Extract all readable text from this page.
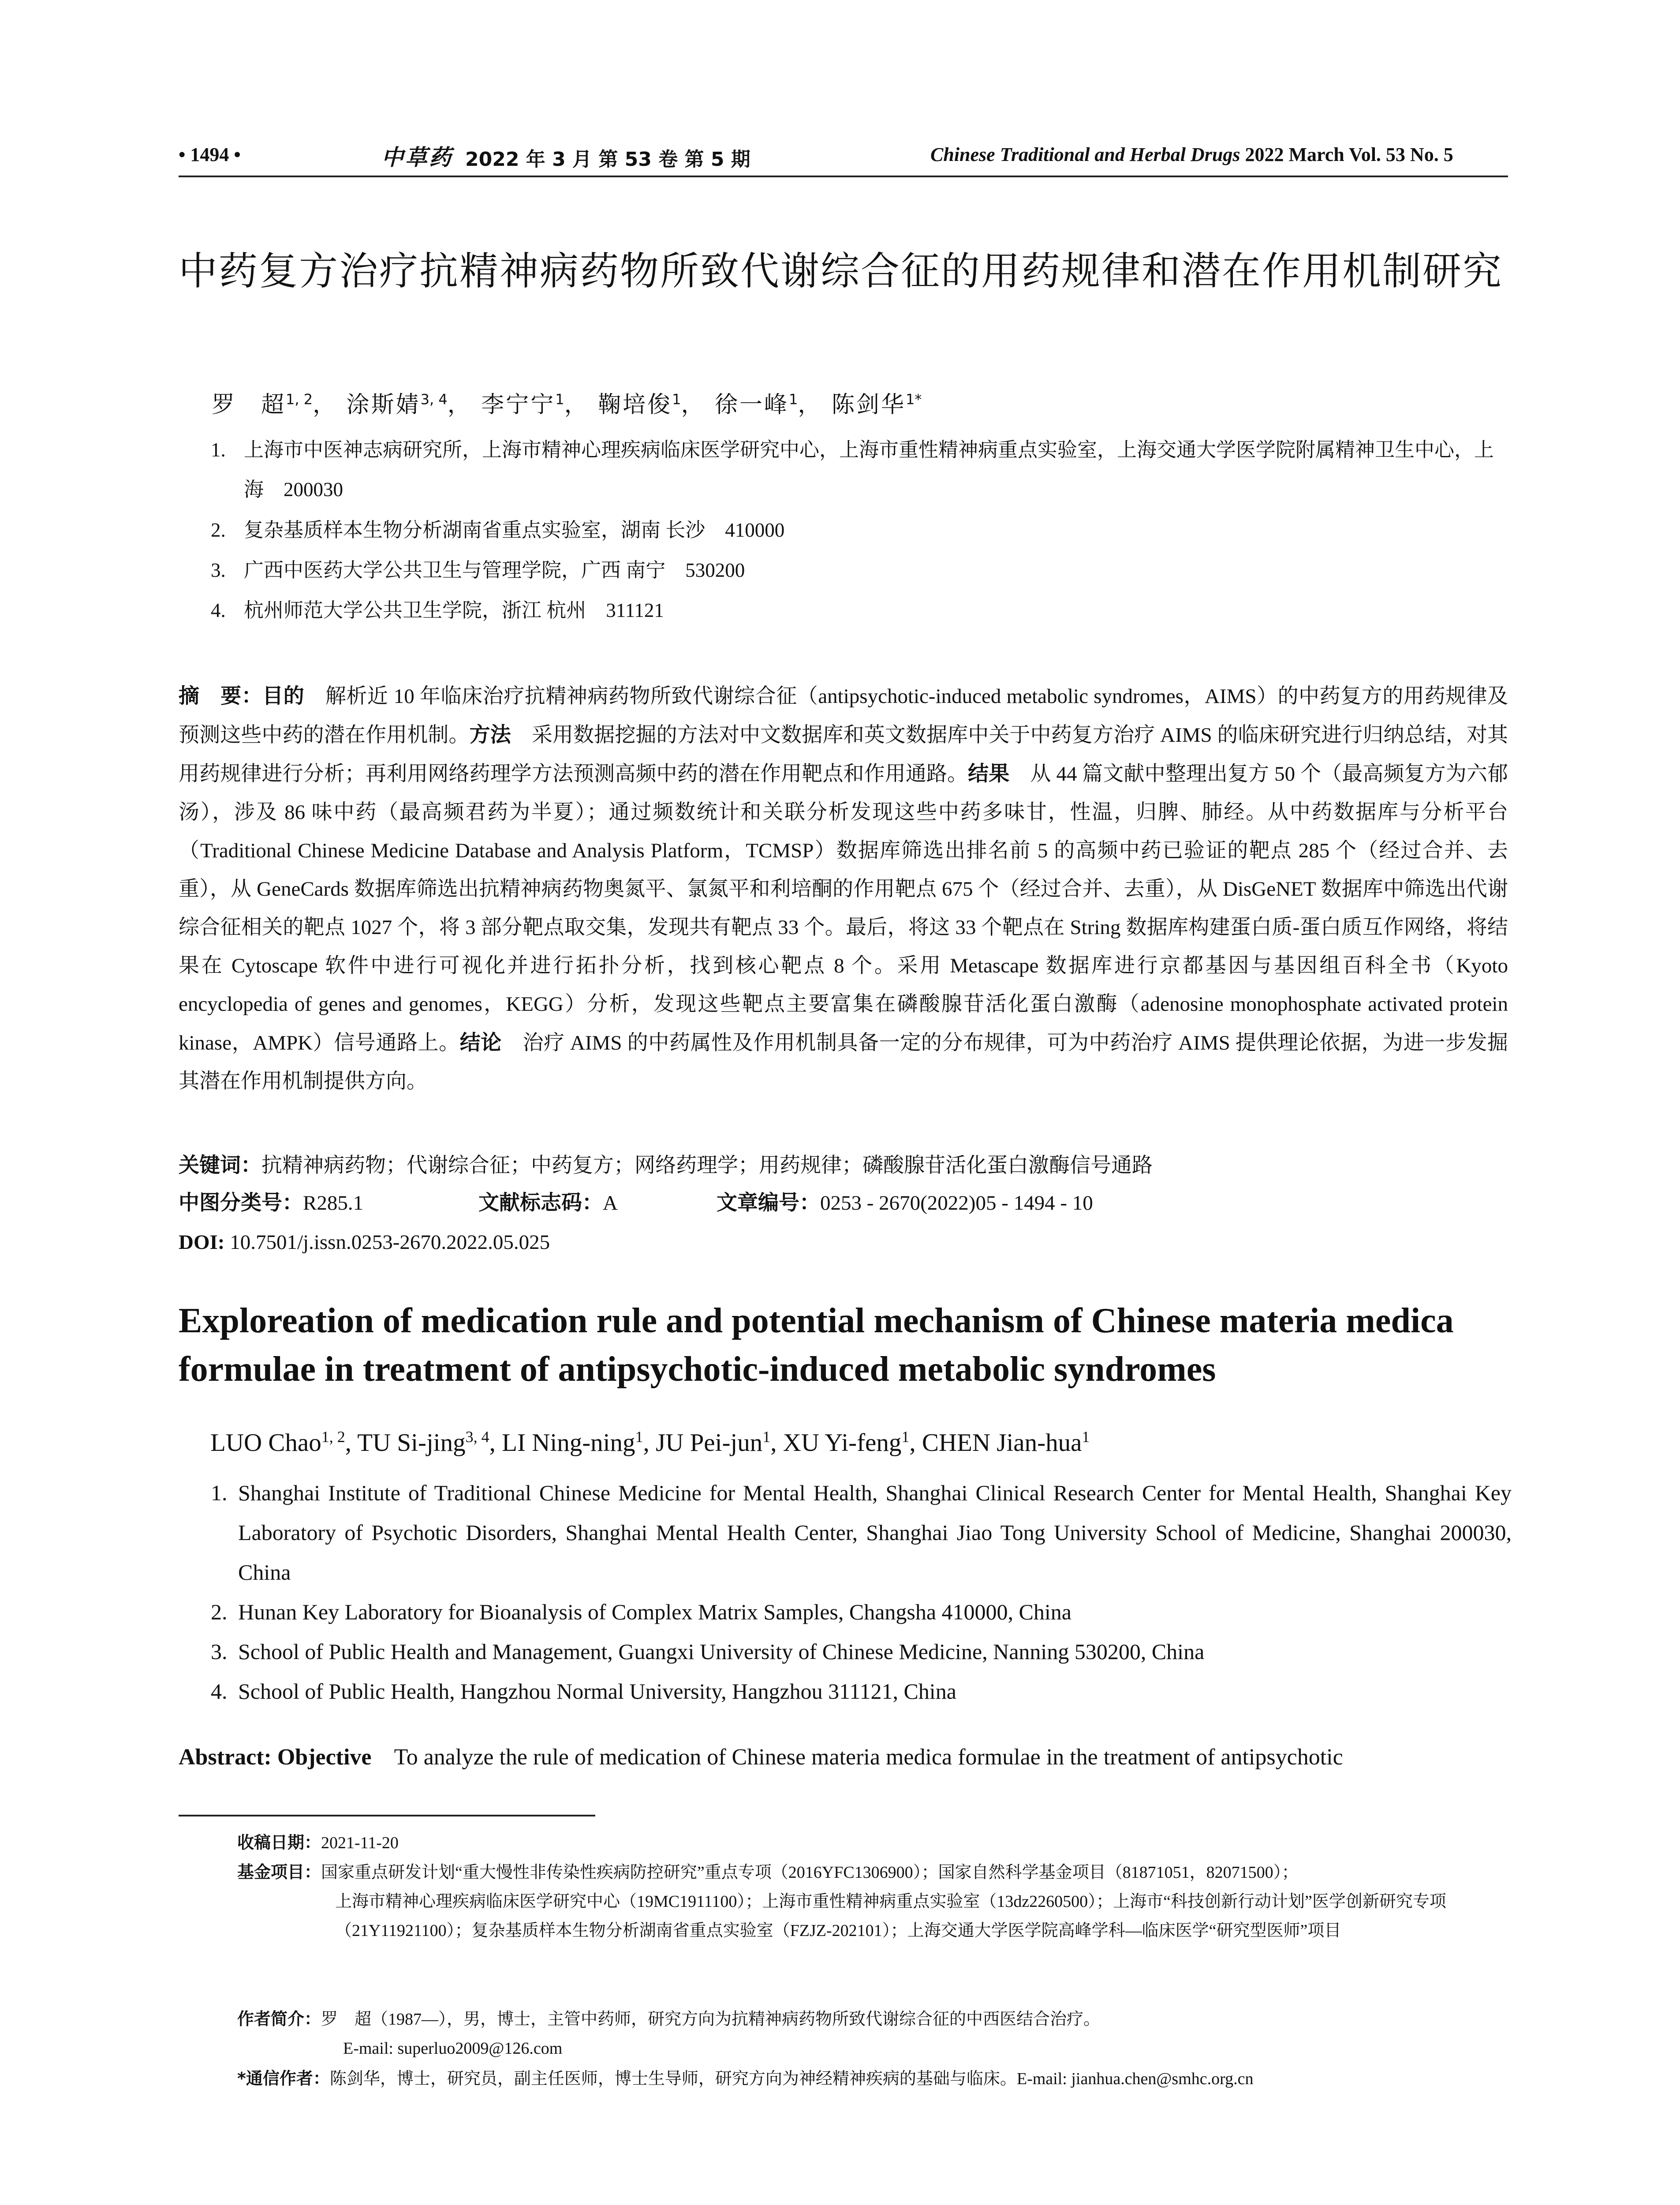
• 1494 •	中草药 2022 年 3 月 第 53 卷 第 5 期	Chinese Traditional and Herbal Drugs 2022 March Vol. 53 No. 5
中药复方治疗抗精神病药物所致代谢综合征的用药规律和潜在作用机制研究
罗　超$^{1, 2}$， 涂斯婧$^{3, 4}$， 李宁宁$^1$， 鞠培俊$^1$， 徐一峰$^1$， 陈剑华$^{1*}$
1. 上海市中医神志病研究所，上海市精神心理疾病临床医学研究中心，上海市重性精神病重点实验室，上海交通大学医学院附属精神卫生中心，上海　200030
2. 复杂基质样本生物分析湖南省重点实验室，湖南 长沙　410000
3. 广西中医药大学公共卫生与管理学院，广西 南宁　530200
4. 杭州师范大学公共卫生学院，浙江 杭州　311121
摘　要：目的　 解析近 10 年临床治疗抗精神病药物所致代谢综合征（antipsychotic-induced metabolic syndromes，AIMS）的中药复方的用药规律及预测这些中药的潜在作用机制。方法　 采用数据挖掘的方法对中文数据库和英文数据库中关于中药复方治疗 AIMS 的临床研究进行归纳总结，对其用药规律进行分析；再利用网络药理学方法预测高频中药的潜在作用靶点和作用通路。结果　 从 44 篇文献中整理出复方 50 个（最高频复方为六郁汤），涉及 86 味中药（最高频君药为半夏）；通过频数统计和关联分析发现这些中药多味甘，性温，归脾、肺经。从中药数据库与分析平台（Traditional Chinese Medicine Database and Analysis Platform，TCMSP）数据库筛选出排名前 5 的高频中药已验证的靶点 285 个（经过合并、去重），从 GeneCards 数据库筛选出抗精神病药物奥氮平、氯氮平和利培酮的作用靶点 675 个（经过合并、去重），从 DisGeNET 数据库中筛选出代谢综合征相关的靶点 1027 个，将 3 部分靶点取交集，发现共有靶点 33 个。最后，将这 33 个靶点在 String 数据库构建蛋白质-蛋白质互作网络，将结果在 Cytoscape 软件中进行可视化并进行拓扑分析，找到核心靶点 8 个。采用 Metascape 数据库进行京都基因与基因组百科全书（Kyoto encyclopedia of genes and genomes，KEGG）分析，发现这些靶点主要富集在磷酸腺苷活化蛋白激酶（adenosine monophosphate activated protein kinase，AMPK）信号通路上。结论　 治疗 AIMS 的中药属性及作用机制具备一定的分布规律，可为中药治疗 AIMS 提供理论依据，为进一步发掘其潜在作用机制提供方向。
关键词：抗精神病药物；代谢综合征；中药复方；网络药理学；用药规律；磷酸腺苷活化蛋白激酶信号通路
中图分类号：R285.1	文献标志码：A	文章编号：0253 - 2670(2022)05 - 1494 - 10
DOI: 10.7501/j.issn.0253-2670.2022.05.025
Exploreation of medication rule and potential mechanism of Chinese materia medica formulae in treatment of antipsychotic-induced metabolic syndromes
LUO Chao$^{1, 2}$, TU Si-jing$^{3, 4}$, LI Ning-ning$^1$, JU Pei-jun$^1$, XU Yi-feng$^1$, CHEN Jian-hua$^1$
1. Shanghai Institute of Traditional Chinese Medicine for Mental Health, Shanghai Clinical Research Center for Mental Health, Shanghai Key Laboratory of Psychotic Disorders, Shanghai Mental Health Center, Shanghai Jiao Tong University School of Medicine, Shanghai 200030, China
2. Hunan Key Laboratory for Bioanalysis of Complex Matrix Samples, Changsha 410000, China
3. School of Public Health and Management, Guangxi University of Chinese Medicine, Nanning 530200, China
4. School of Public Health, Hangzhou Normal University, Hangzhou 311121, China
Abstract: Objective To analyze the rule of medication of Chinese materia medica formulae in the treatment of antipsychotic
收稿日期：2021-11-20
基金项目：国家重点研发计划“重大慢性非传染性疾病防控研究”重点专项（2016YFC1306900）；国家自然科学基金项目（81871051，82071500）；
上海市精神心理疾病临床医学研究中心（19MC1911100）；上海市重性精神病重点实验室（13dz2260500）；上海市“科技创新行动计划”医学创新研究专项（21Y11921100）；复杂基质样本生物分析湖南省重点实验室（FZJZ-202101）；上海交通大学医学院高峰学科—临床医学“研究型医师”项目
作者简介：罗　超（1987—），男，博士，主管中药师，研究方向为抗精神病药物所致代谢综合征的中西医结合治疗。
E-mail: superluo2009@126.com
*通信作者：陈剑华，博士，研究员，副主任医师，博士生导师，研究方向为神经精神疾病的基础与临床。E-mail: jianhua.chen@smhc.org.cn
